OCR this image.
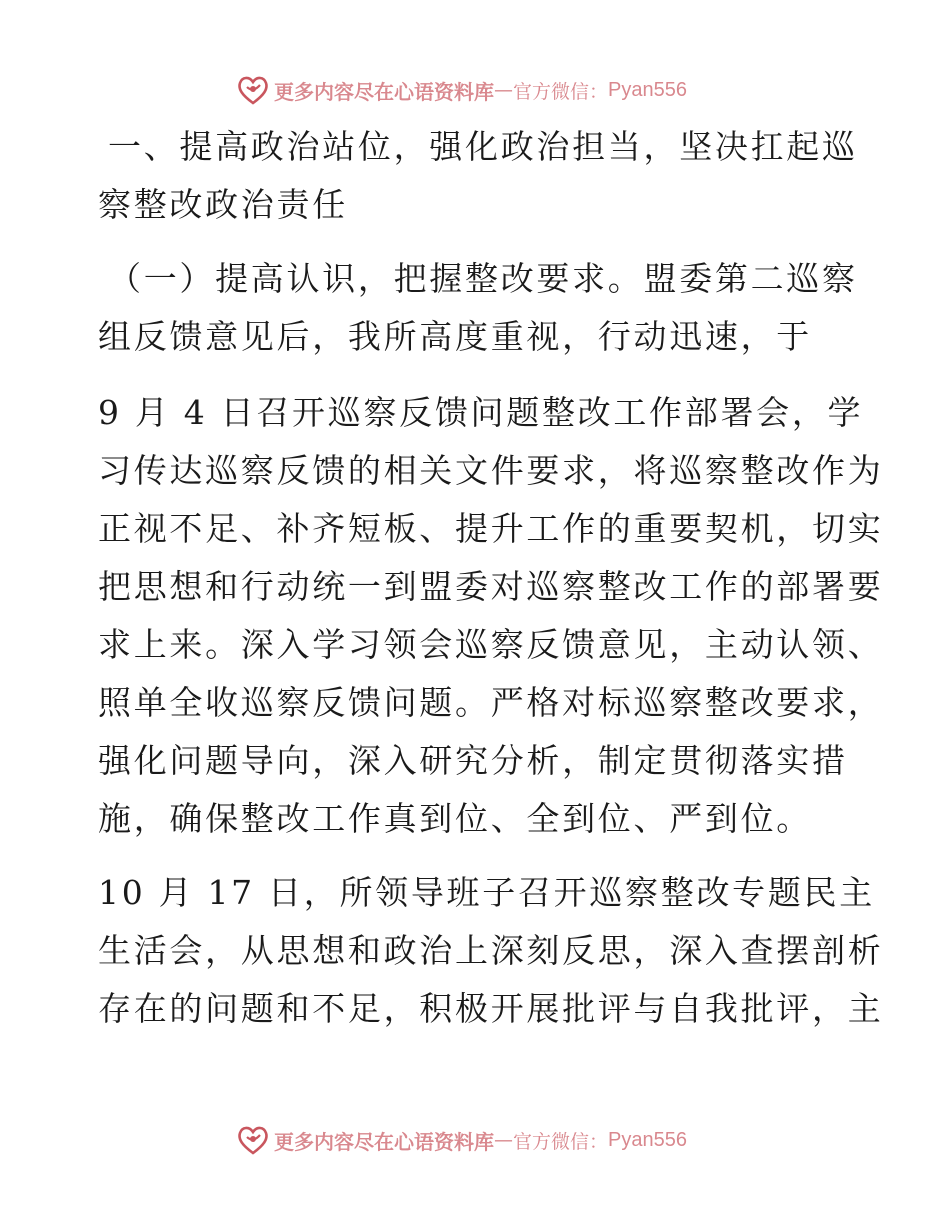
更多内容尽在心语资料库 — 官方微信： Pyan556
一、提高政治站位，强化政治担当，坚决扛起巡
察整改政治责任
（一）提高认识，把握整改要求。盟委第二巡察
组反馈意见后，我所高度重视，行动迅速，于
9 月 4 日召开巡察反馈问题整改工作部署会，学
习传达巡察反馈的相关文件要求，将巡察整改作为
正视不足、补齐短板、提升工作的重要契机，切实
把思想和行动统一到盟委对巡察整改工作的部署要
求上来。深入学习领会巡察反馈意见，主动认领、
照单全收巡察反馈问题。严格对标巡察整改要求，
强化问题导向，深入研究分析，制定贯彻落实措
施，确保整改工作真到位、全到位、严到位。
10 月 17 日，所领导班子召开巡察整改专题民主
生活会，从思想和政治上深刻反思，深入查摆剖析
存在的问题和不足，积极开展批评与自我批评，主
更多内容尽在心语资料库 — 官方微信： Pyan556
